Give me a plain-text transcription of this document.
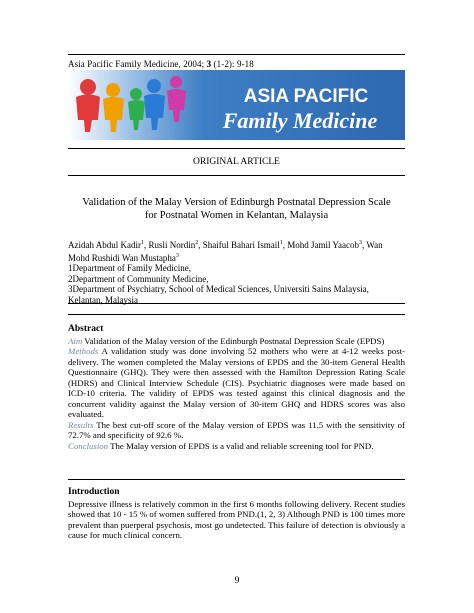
Asia Pacific Family Medicine, 2004; 3 (1-2): 9-18
ASIA PACIFIC
Family Medicine
ORIGINAL ARTICLE
Validation of the Malay Version of Edinburgh Postnatal Depression Scale
for Postnatal Women in Kelantan, Malaysia
Azidah Abdul Kadir$^1$, Rusli Nordin$^2$, Shaiful Bahari Ismail$^1$, Mohd Jamil Yaacob$^3$, Wan Mohd Rushidi Wan Mustapha$^3$
1Department of Family Medicine,
2Department of Community Medicine,
3Department of Psychiatry, School of Medical Sciences, Universiti Sains Malaysia, Kelantan, Malaysia
Abstract
Aim Validation of the Malay version of the Edinburgh Postnatal Depression Scale (EPDS)
Methods A validation study was done involving 52 mothers who were at 4-12 weeks post-delivery. The women completed the Malay versions of EPDS and the 30-item General Health Questionnaire (GHQ). They were then assessed with the Hamilton Depression Rating Scale (HDRS) and Clinical Interview Schedule (CIS). Psychiatric diagnoses were made based on ICD-10 criteria. The validity of EPDS was tested against this clinical diagnosis and the concurrent validity against the Malay version of 30-item GHQ and HDRS scores was also evaluated.
Results The best cut-off score of the Malay version of EPDS was 11.5 with the sensitivity of 72.7% and specificity of 92.6 %.
Conclusion The Malay version of EPDS is a valid and reliable screening tool for PND.
Introduction
Depressive illness is relatively common in the first 6 months following delivery. Recent studies showed that 10 - 15 % of women suffered from PND.(1, 2, 3) Although PND is 100 times more prevalent than puerperal psychosis, most go undetected. This failure of detection is obviously a cause for much clinical concern.
9
